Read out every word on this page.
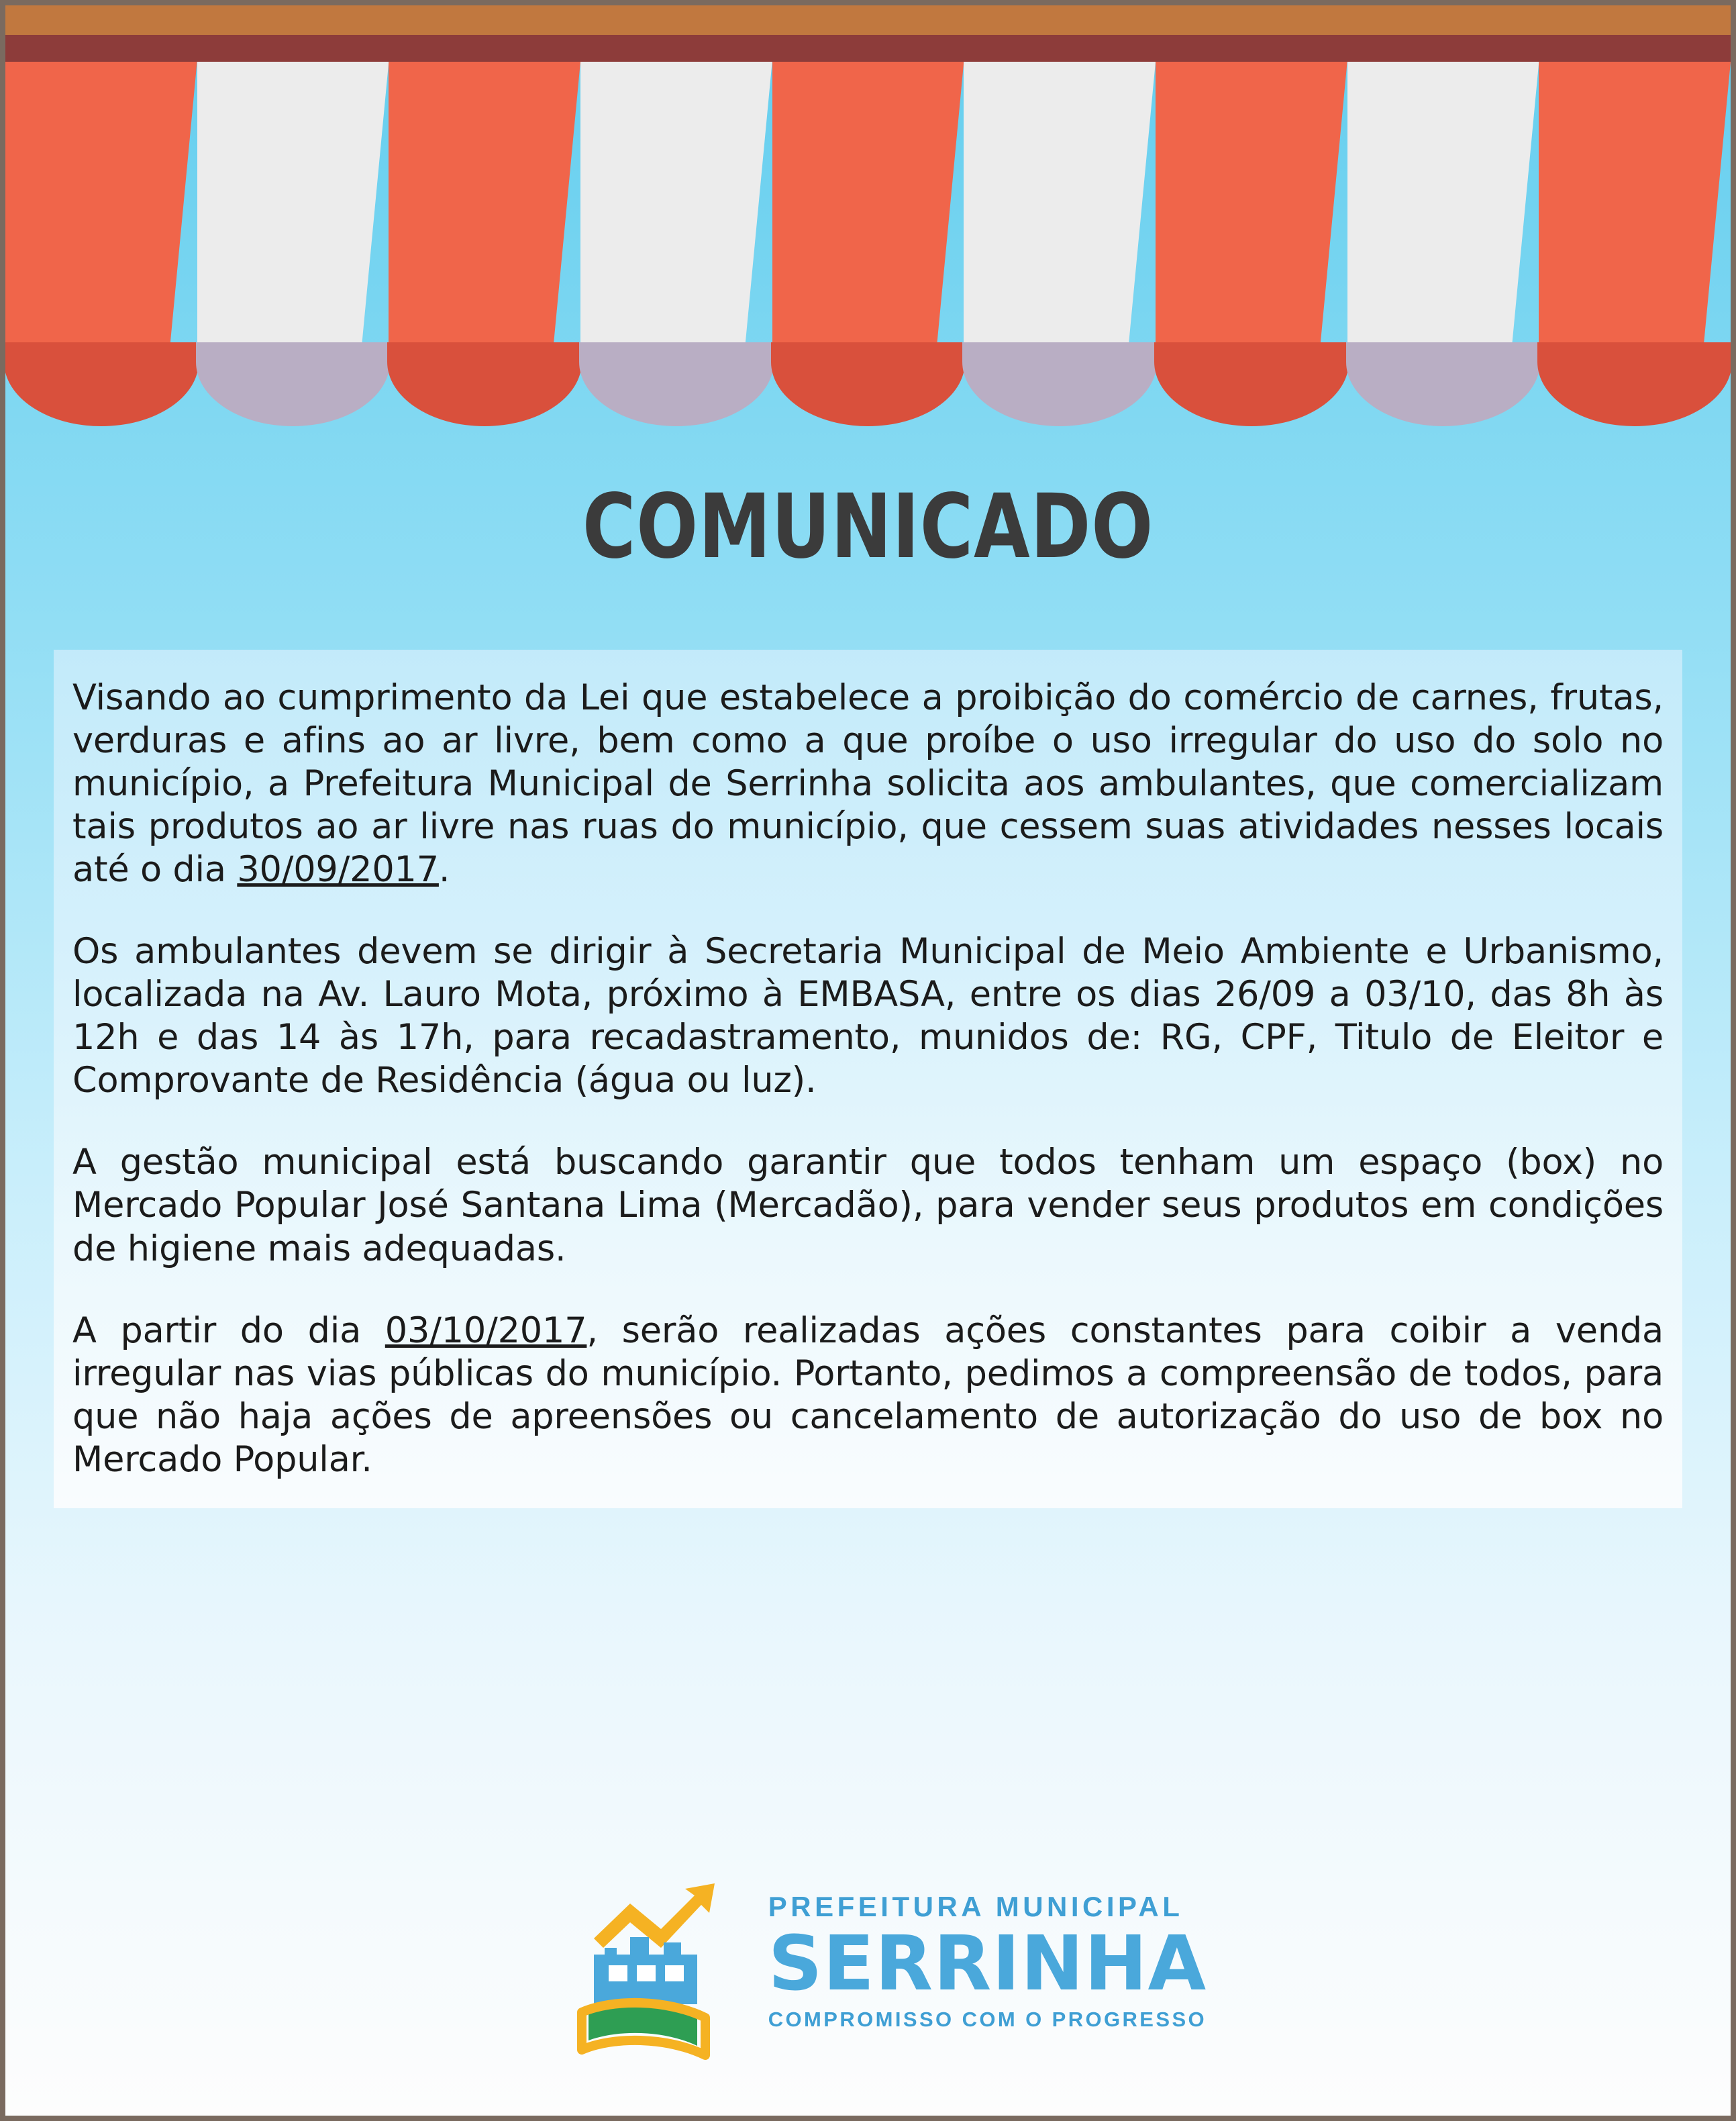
COMUNICADO

Visando ao cumprimento da Lei que estabelece a proibição do comércio de carnes, frutas, verduras e afins ao ar livre, bem como a que proíbe o uso irregular do uso do solo no município, a Prefeitura Municipal de Serrinha solicita aos ambulantes, que comercializam tais produtos ao ar livre nas ruas do município, que cessem suas atividades nesses locais até o dia 30/09/2017.

Os ambulantes devem se dirigir à Secretaria Municipal de Meio Ambiente e Urbanismo, localizada na Av. Lauro Mota, próximo à EMBASA, entre os dias 26/09 a 03/10, das 8h às 12h e das 14 às 17h, para recadastramento, munidos de: RG, CPF, Titulo de Eleitor e Comprovante de Residência (água ou luz).

A gestão municipal está buscando garantir que todos tenham um espaço (box) no Mercado Popular José Santana Lima (Mercadão), para vender seus produtos em condições de higiene mais adequadas.

A partir do dia 03/10/2017, serão realizadas ações constantes para coibir a venda irregular nas vias públicas do município. Portanto, pedimos a compreensão de todos, para que não haja ações de apreensões ou cancelamento de autorização do uso de box no Mercado Popular.

PREFEITURA MUNICIPAL
SERRINHA
COMPROMISSO COM O PROGRESSO
